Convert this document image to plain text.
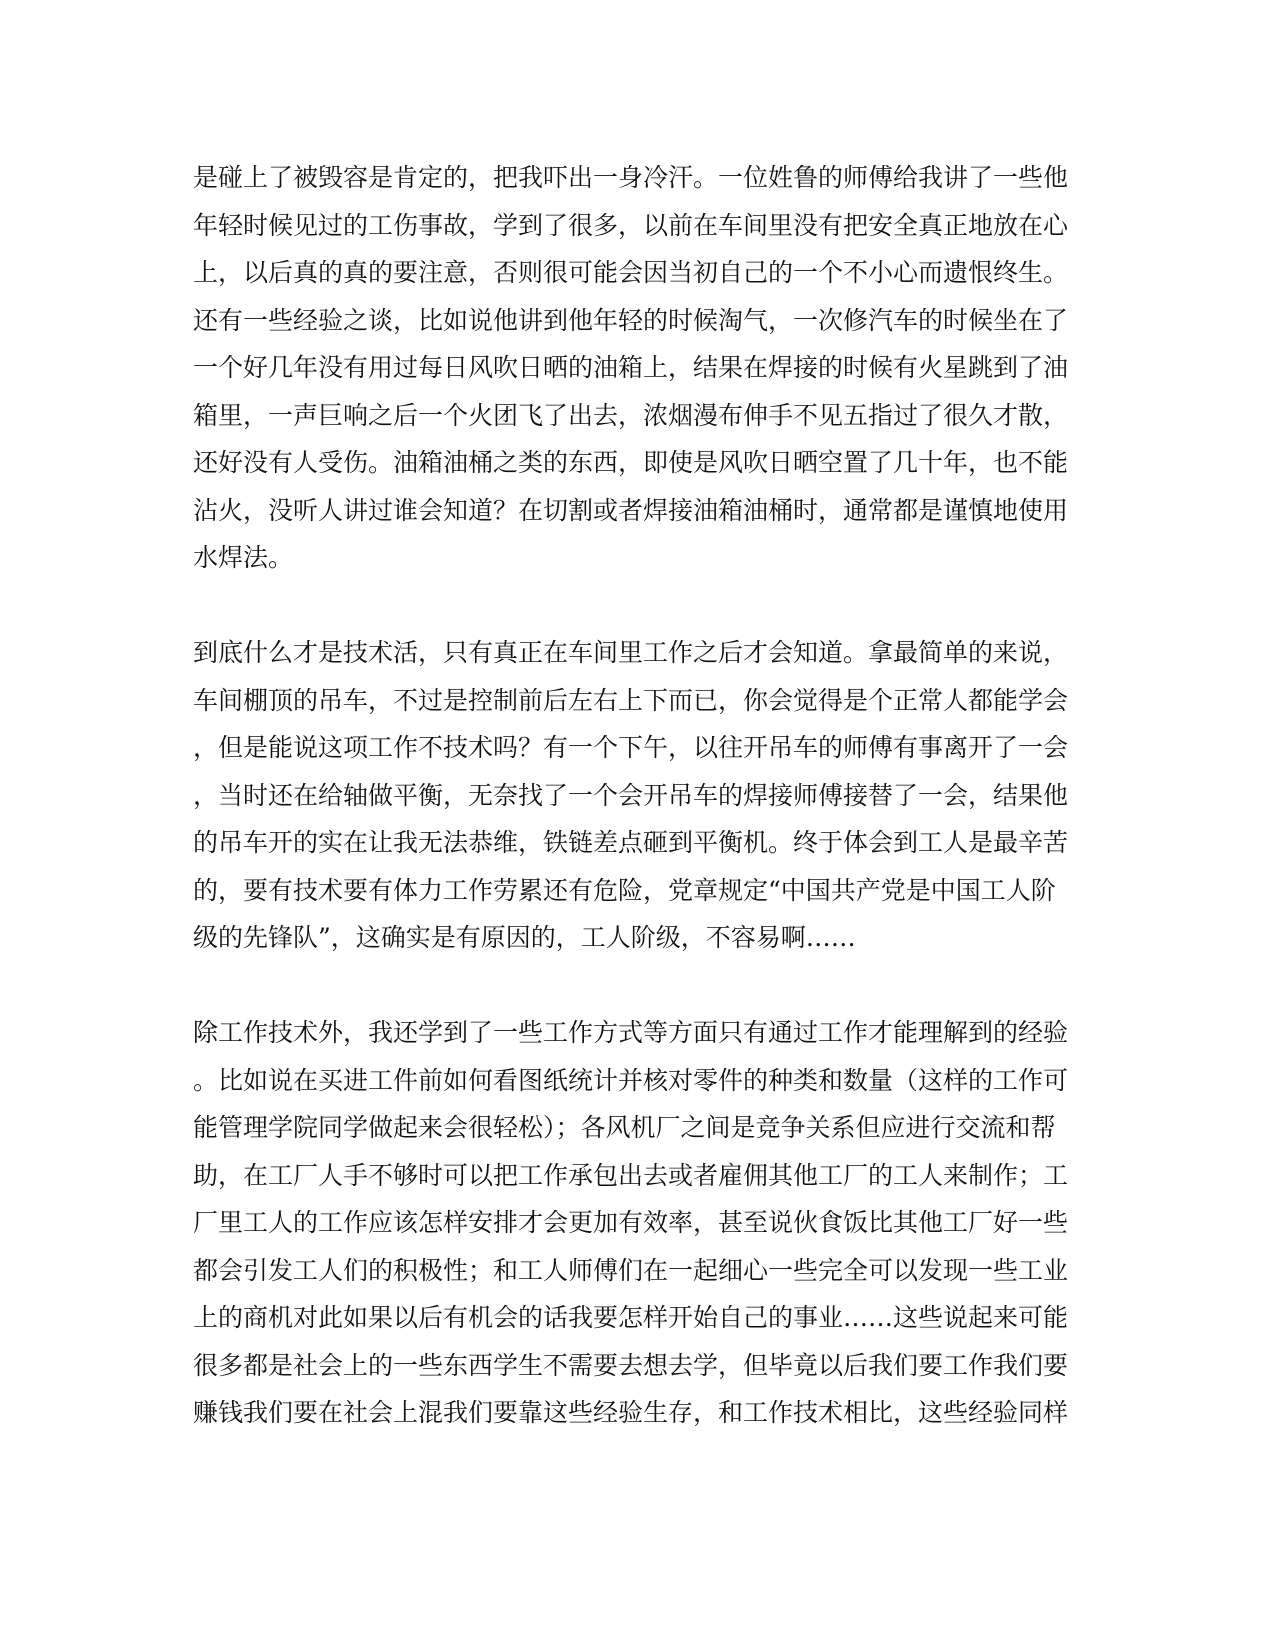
是碰上了被毁容是肯定的，把我吓出一身冷汗。一位姓鲁的师傅给我讲了一些他
年轻时候见过的工伤事故，学到了很多，以前在车间里没有把安全真正地放在心
上，以后真的真的要注意，否则很可能会因当初自己的一个不小心而遗恨终生。
还有一些经验之谈，比如说他讲到他年轻的时候淘气，一次修汽车的时候坐在了
一个好几年没有用过每日风吹日晒的油箱上，结果在焊接的时候有火星跳到了油
箱里，一声巨响之后一个火团飞了出去，浓烟漫布伸手不见五指过了很久才散，
还好没有人受伤。油箱油桶之类的东西，即使是风吹日晒空置了几十年，也不能
沾火，没听人讲过谁会知道？在切割或者焊接油箱油桶时，通常都是谨慎地使用
水焊法。
到底什么才是技术活，只有真正在车间里工作之后才会知道。拿最简单的来说，
车间棚顶的吊车，不过是控制前后左右上下而已，你会觉得是个正常人都能学会
，但是能说这项工作不技术吗？有一个下午，以往开吊车的师傅有事离开了一会
，当时还在给轴做平衡，无奈找了一个会开吊车的焊接师傅接替了一会，结果他
的吊车开的实在让我无法恭维，铁链差点砸到平衡机。终于体会到工人是最辛苦
的，要有技术要有体力工作劳累还有危险，党章规定“中国共产党是中国工人阶
级的先锋队”，这确实是有原因的，工人阶级，不容易啊……
除工作技术外，我还学到了一些工作方式等方面只有通过工作才能理解到的经验
。比如说在买进工件前如何看图纸统计并核对零件的种类和数量（这样的工作可
能管理学院同学做起来会很轻松）；各风机厂之间是竞争关系但应进行交流和帮
助，在工厂人手不够时可以把工作承包出去或者雇佣其他工厂的工人来制作；工
厂里工人的工作应该怎样安排才会更加有效率，甚至说伙食饭比其他工厂好一些
都会引发工人们的积极性；和工人师傅们在一起细心一些完全可以发现一些工业
上的商机对此如果以后有机会的话我要怎样开始自己的事业……这些说起来可能
很多都是社会上的一些东西学生不需要去想去学，但毕竟以后我们要工作我们要
赚钱我们要在社会上混我们要靠这些经验生存，和工作技术相比，这些经验同样
